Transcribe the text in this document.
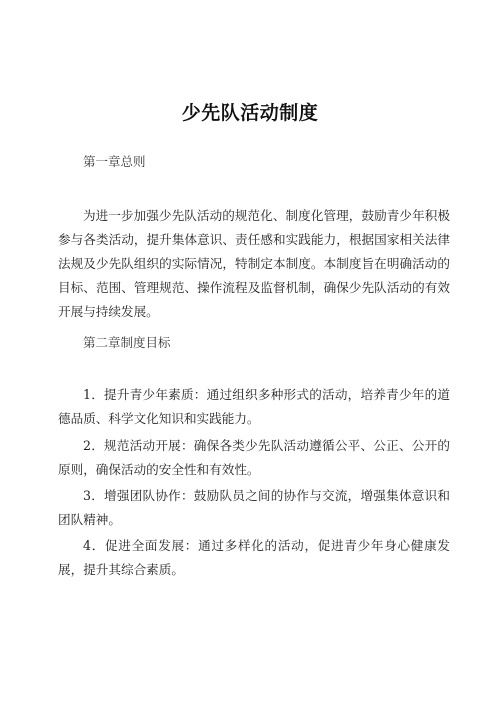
少先队活动制度

第一章总则

为进一步加强少先队活动的规范化、制度化管理，鼓励青少年积极参与各类活动，提升集体意识、责任感和实践能力，根据国家相关法律法规及少先队组织的实际情况，特制定本制度。本制度旨在明确活动的目标、范围、管理规范、操作流程及监督机制，确保少先队活动的有效开展与持续发展。

第二章制度目标

1．提升青少年素质：通过组织多种形式的活动，培养青少年的道德品质、科学文化知识和实践能力。

2．规范活动开展：确保各类少先队活动遵循公平、公正、公开的原则，确保活动的安全性和有效性。

3．增强团队协作：鼓励队员之间的协作与交流，增强集体意识和团队精神。

4．促进全面发展：通过多样化的活动，促进青少年身心健康发展，提升其综合素质。
